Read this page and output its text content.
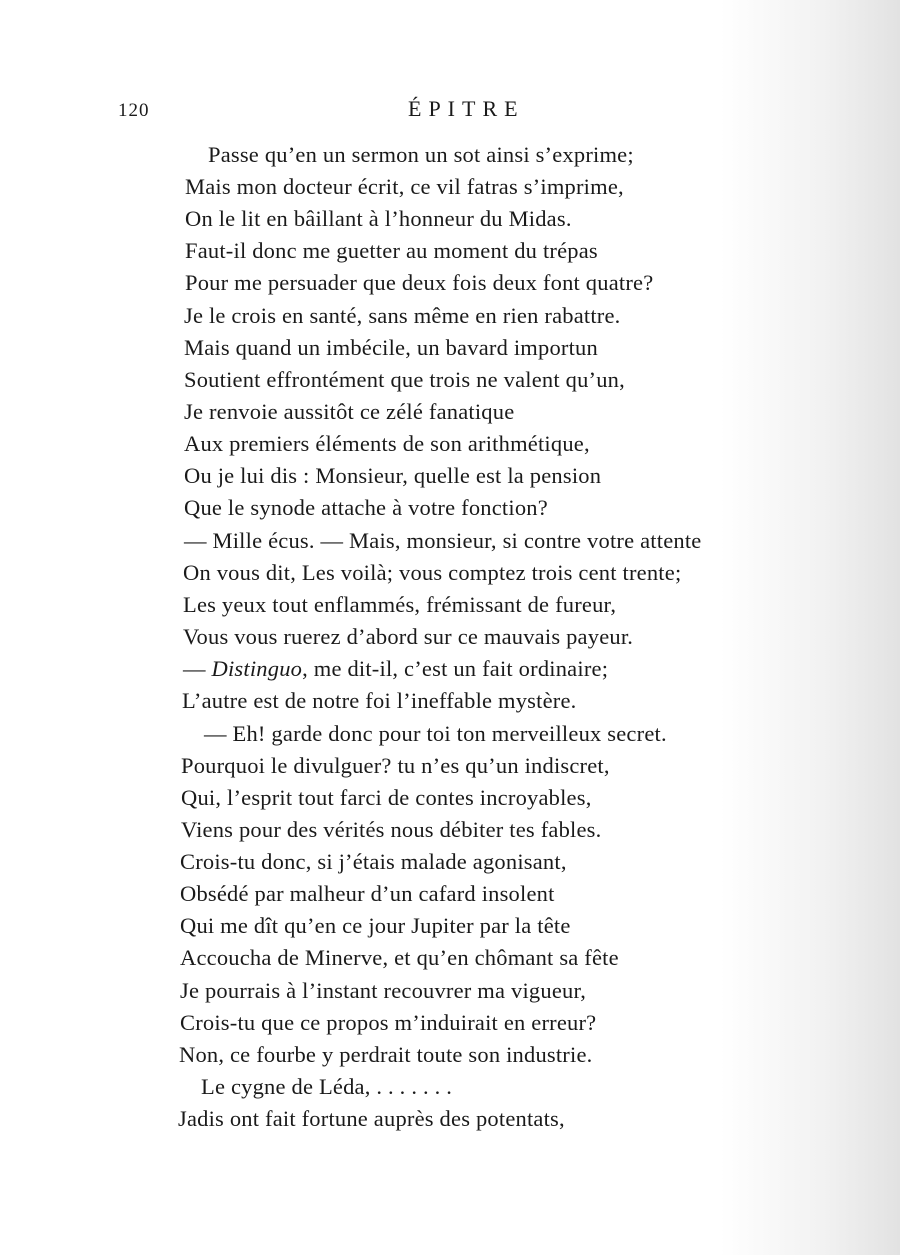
120	ÉPITRE
Passe qu’en un sermon un sot ainsi s’exprime;
Mais mon docteur écrit, ce vil fatras s’imprime,
On le lit en bâillant à l’honneur du Midas.
Faut-il donc me guetter au moment du trépas
Pour me persuader que deux fois deux font quatre?
Je le crois en santé, sans même en rien rabattre.
Mais quand un imbécile, un bavard importun
Soutient effrontément que trois ne valent qu’un,
Je renvoie aussitôt ce zélé fanatique
Aux premiers éléments de son arithmétique,
Ou je lui dis : Monsieur, quelle est la pension
Que le synode attache à votre fonction?
— Mille écus. — Mais, monsieur, si contre votre attente
On vous dit, Les voilà; vous comptez trois cent trente;
Les yeux tout enflammés, frémissant de fureur,
Vous vous ruerez d’abord sur ce mauvais payeur.
— Distinguo, me dit-il, c’est un fait ordinaire;
L’autre est de notre foi l’ineffable mystère.
— Eh! garde donc pour toi ton merveilleux secret.
Pourquoi le divulguer? tu n’es qu’un indiscret,
Qui, l’esprit tout farci de contes incroyables,
Viens pour des vérités nous débiter tes fables.
Crois-tu donc, si j’étais malade agonisant,
Obsédé par malheur d’un cafard insolent
Qui me dît qu’en ce jour Jupiter par la tête
Accoucha de Minerve, et qu’en chômant sa fête
Je pourrais à l’instant recouvrer ma vigueur,
Crois-tu que ce propos m’induirait en erreur?
Non, ce fourbe y perdrait toute son industrie.
Le cygne de Léda, . . . . . . .
Jadis ont fait fortune auprès des potentats,
